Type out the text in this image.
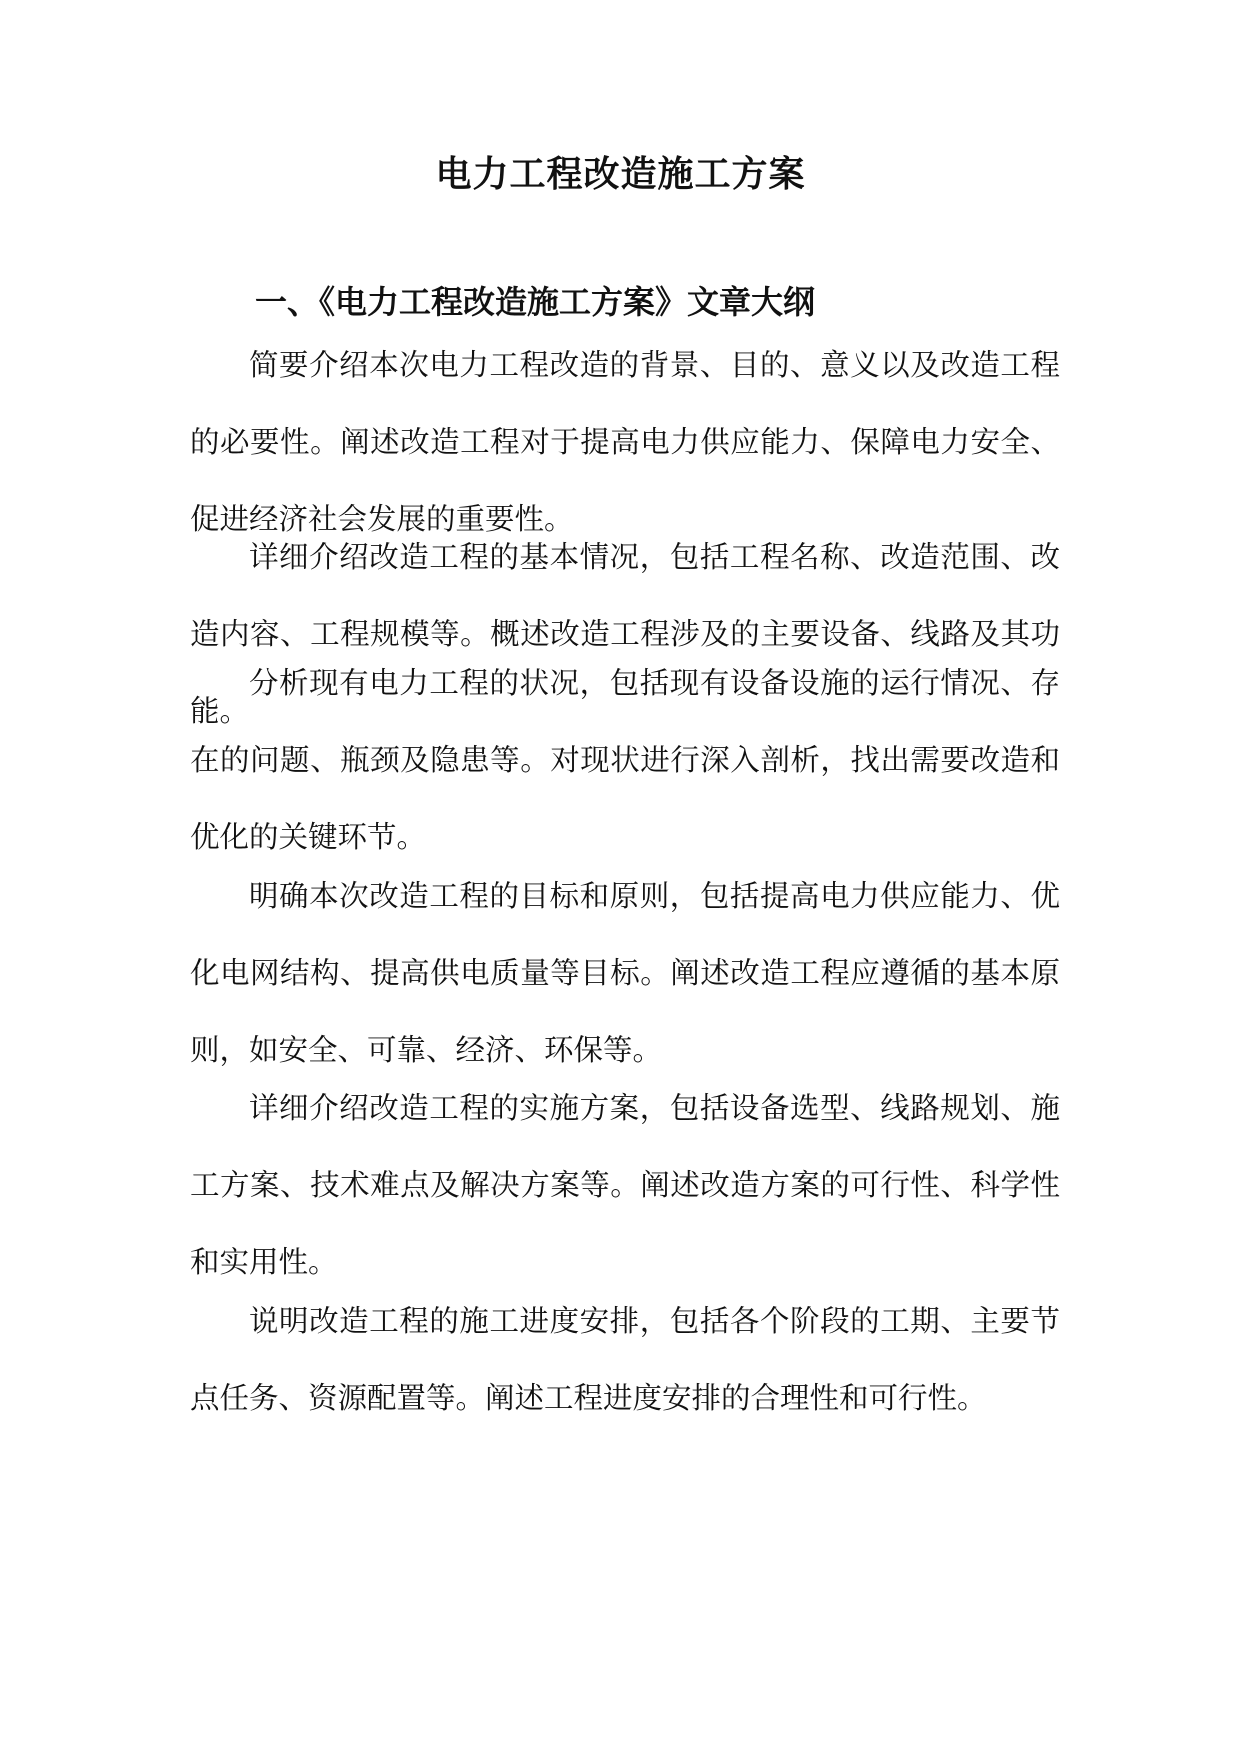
电力工程改造施工方案
一、《电力工程改造施工方案》文章大纲

简要介绍本次电力工程改造的背景、目的、意义以及改造工程的必要性。阐述改造工程对于提高电力供应能力、保障电力安全、促进经济社会发展的重要性。

详细介绍改造工程的基本情况，包括工程名称、改造范围、改造内容、工程规模等。概述改造工程涉及的主要设备、线路及其功能。

分析现有电力工程的状况，包括现有设备设施的运行情况、存在的问题、瓶颈及隐患等。对现状进行深入剖析，找出需要改造和优化的关键环节。

明确本次改造工程的目标和原则，包括提高电力供应能力、优化电网结构、提高供电质量等目标。阐述改造工程应遵循的基本原则，如安全、可靠、经济、环保等。

详细介绍改造工程的实施方案，包括设备选型、线路规划、施工方案、技术难点及解决方案等。阐述改造方案的可行性、科学性和实用性。

说明改造工程的施工进度安排，包括各个阶段的工期、主要节点任务、资源配置等。阐述工程进度安排的合理性和可行性。
